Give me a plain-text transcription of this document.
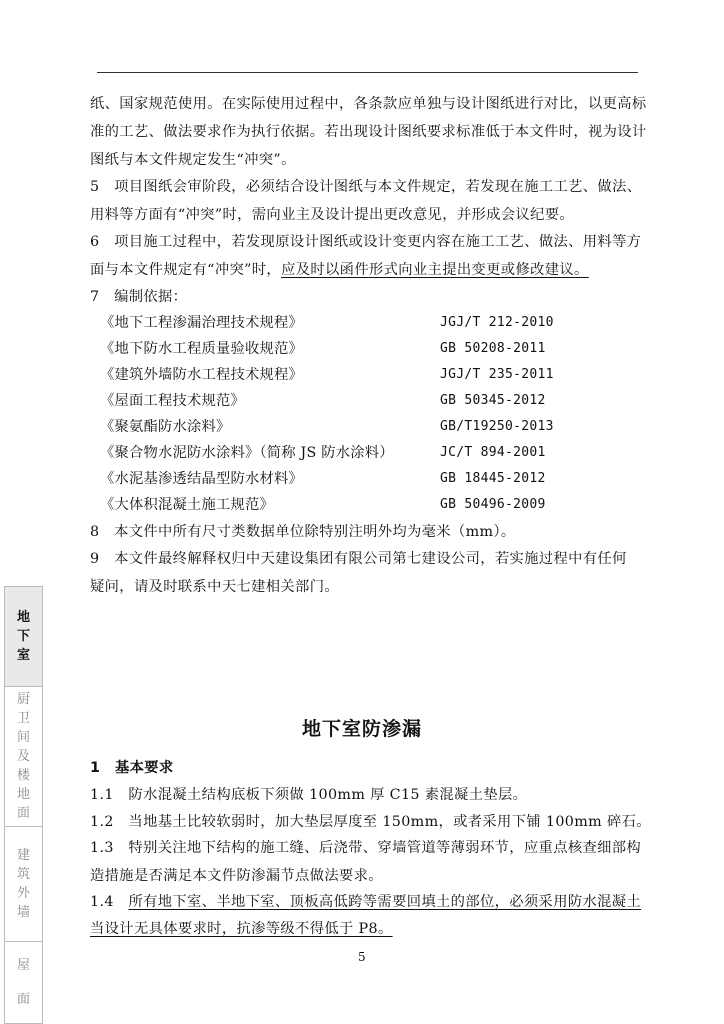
纸、国家规范使用。在实际使用过程中，各条款应单独与设计图纸进行对比，以更高标
准的工艺、做法要求作为执行依据。若出现设计图纸要求标准低于本文件时，视为设计
图纸与本文件规定发生“冲突”。
5　项目图纸会审阶段，必须结合设计图纸与本文件规定，若发现在施工工艺、做法、
用料等方面有“冲突”时，需向业主及设计提出更改意见，并形成会议纪要。
6　项目施工过程中，若发现原设计图纸或设计变更内容在施工工艺、做法、用料等方
面与本文件规定有“冲突”时，应及时以函件形式向业主提出变更或修改建议。
7　编制依据：
《地下工程渗漏治理技术规程》	JGJ/T 212-2010
《地下防水工程质量验收规范》	GB 50208-2011
《建筑外墙防水工程技术规程》	JGJ/T 235-2011
《屋面工程技术规范》	GB 50345-2012
《聚氨酯防水涂料》	GB/T19250-2013
《聚合物水泥防水涂料》（简称 JS 防水涂料）	JC/T 894-2001
《水泥基渗透结晶型防水材料》	GB 18445-2012
《大体积混凝土施工规范》	GB 50496-2009
8　本文件中所有尺寸类数据单位除特别注明外均为毫米（mm）。
9　本文件最终解释权归中天建设集团有限公司第七建设公司，若实施过程中有任何
疑问，请及时联系中天七建相关部门。
地下室防渗漏
1　基本要求
1.1　防水混凝土结构底板下须做 100mm 厚 C15 素混凝土垫层。
1.2　当地基土比较软弱时，加大垫层厚度至 150mm，或者采用下铺 100mm 碎石。
1.3　特别关注地下结构的施工缝、后浇带、穿墙管道等薄弱环节，应重点核查细部构
造措施是否满足本文件防渗漏节点做法要求。
1.4　所有地下室、半地下室、顶板高低跨等需要回填土的部位，必须采用防水混凝土
当设计无具体要求时，抗渗等级不得低于 P8。
5
地下室
厨卫间及楼地面
建筑外墙
屋面
